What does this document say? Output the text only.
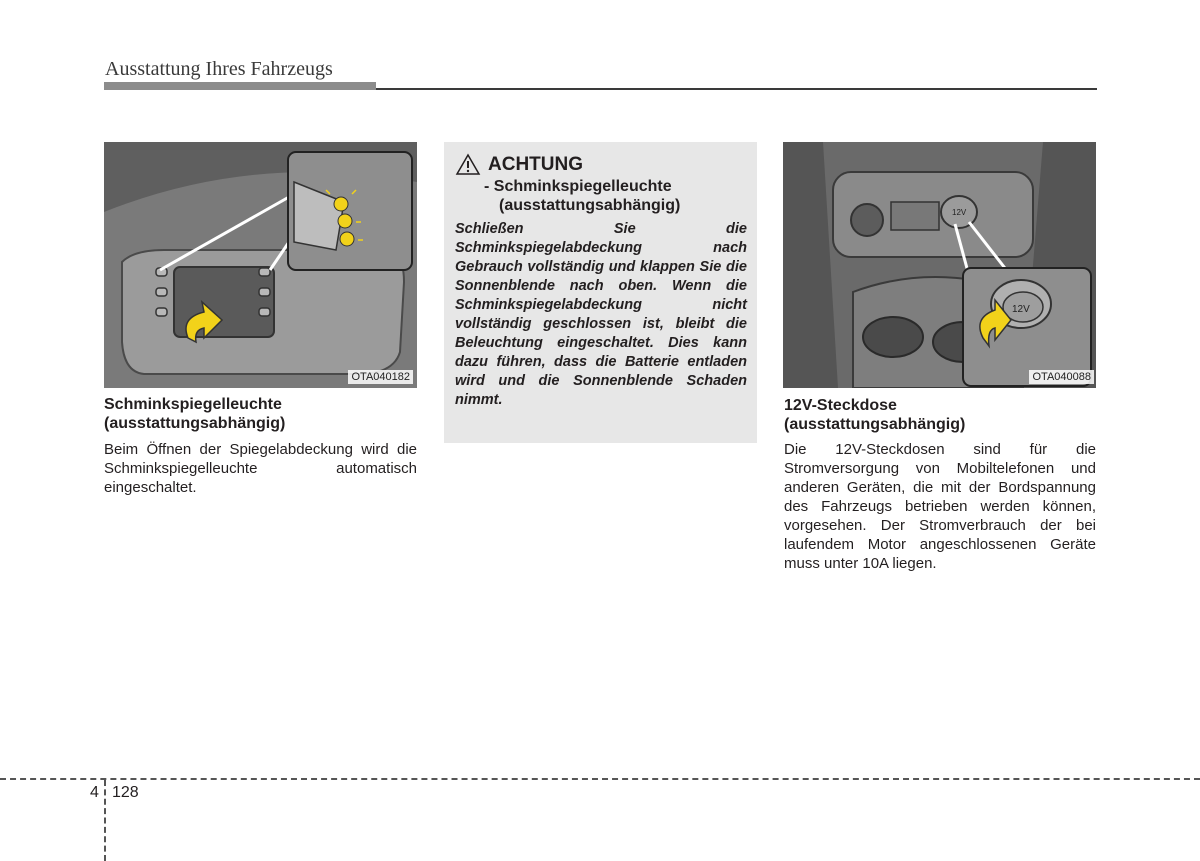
Ausstattung Ihres Fahrzeugs
OTA040182
Schminkspiegelleuchte
(ausstattungsabhängig)
Beim Öffnen der Spiegelabdeckung wird die Schminkspiegelleuchte automatisch eingeschaltet.
ACHTUNG
- Schminkspiegelleuchte
(ausstattungsabhängig)
Schließen Sie die Schminkspiegelabdeckung nach Gebrauch vollständig und klappen Sie die Sonnenblende nach oben. Wenn die Schminkspiegelabdeckung nicht vollständig geschlossen ist, bleibt die Beleuchtung eingeschaltet. Dies kann dazu führen, dass die Batterie entladen wird und die Sonnenblende Schaden nimmt.
12V
12V
OTA040088
12V-Steckdose
(ausstattungsabhängig)
Die 12V-Steckdosen sind für die Stromversorgung von Mobiltelefonen und anderen Geräten, die mit der Bordspannung des Fahrzeugs betrieben werden können, vorgesehen. Der Stromverbrauch der bei laufendem Motor angeschlossenen Geräte muss unter 10A liegen.
4 128
